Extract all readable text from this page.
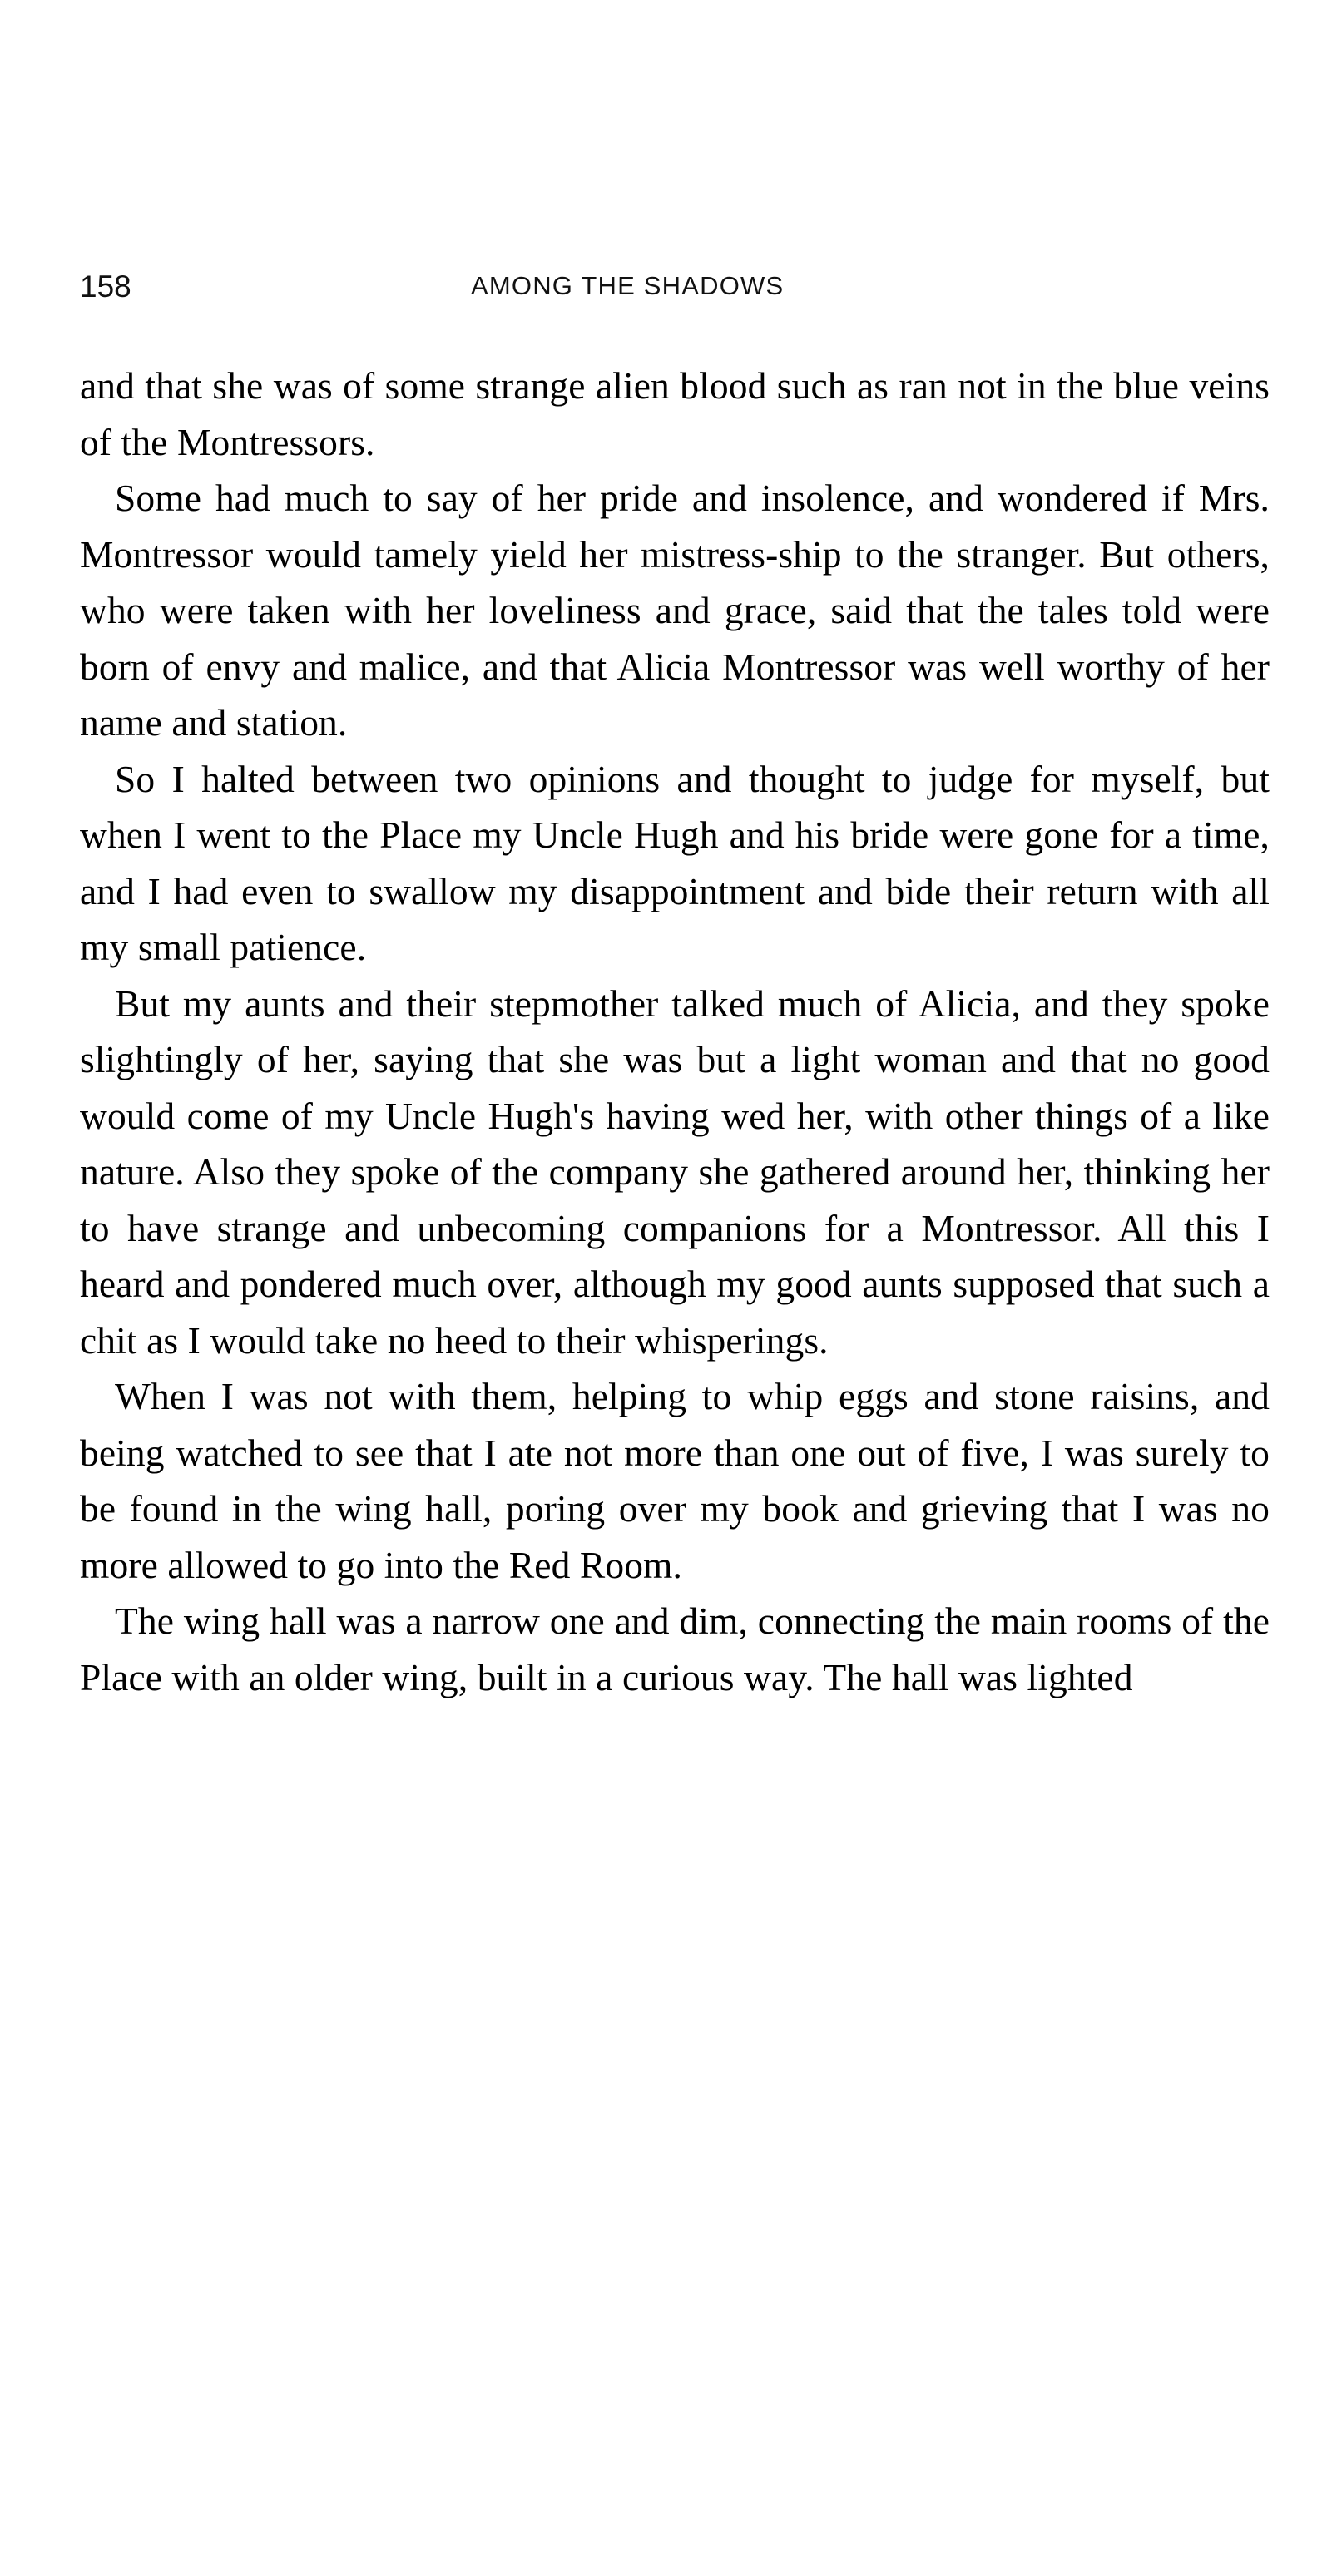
158	AMONG THE SHADOWS

and that she was of some strange alien blood such as ran not in the blue veins of the Montressors.

Some had much to say of her pride and insolence, and wondered if Mrs. Montressor would tamely yield her mistress-ship to the stranger. But others, who were taken with her loveliness and grace, said that the tales told were born of envy and malice, and that Alicia Montressor was well worthy of her name and station.

So I halted between two opinions and thought to judge for myself, but when I went to the Place my Uncle Hugh and his bride were gone for a time, and I had even to swallow my disappointment and bide their return with all my small patience.

But my aunts and their stepmother talked much of Alicia, and they spoke slightingly of her, saying that she was but a light woman and that no good would come of my Uncle Hugh's having wed her, with other things of a like nature. Also they spoke of the company she gathered around her, thinking her to have strange and unbecoming companions for a Montressor. All this I heard and pondered much over, although my good aunts supposed that such a chit as I would take no heed to their whisperings.

When I was not with them, helping to whip eggs and stone raisins, and being watched to see that I ate not more than one out of five, I was surely to be found in the wing hall, poring over my book and grieving that I was no more allowed to go into the Red Room.

The wing hall was a narrow one and dim, connecting the main rooms of the Place with an older wing, built in a curious way. The hall was lighted
